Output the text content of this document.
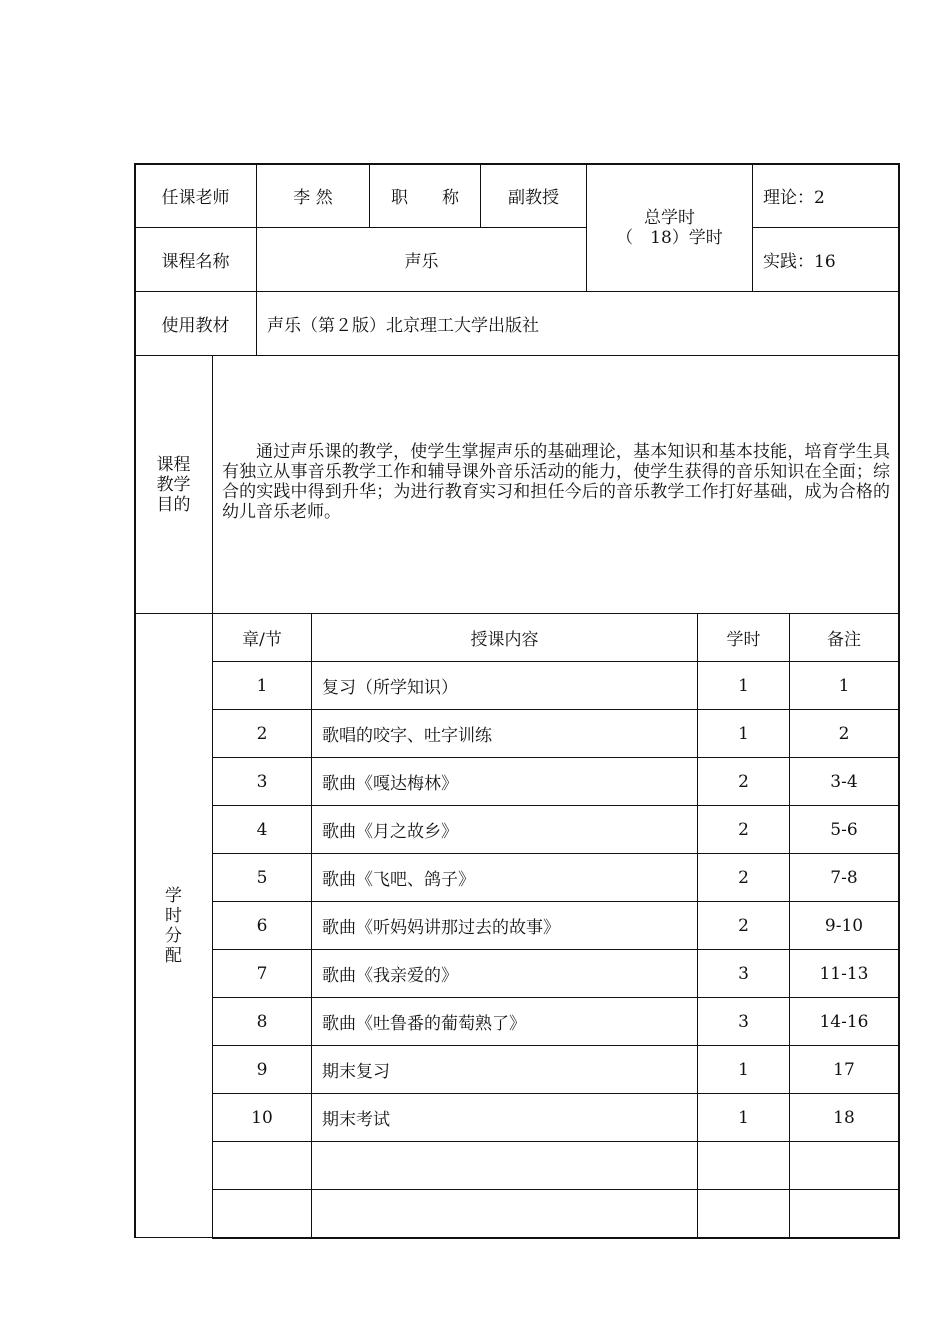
任课老师	李 然	职　　称	副教授
总学时
（　18）学时
理论：2
课程名称	声乐	实践：16
使用教材	声乐（第２版）北京理工大学出版社
课程
教学
目的
通过声乐课的教学，使学生掌握声乐的基础理论，基本知识和基本技能，培育学生具有独立从事音乐教学工作和辅导课外音乐活动的能力，使学生获得的音乐知识在全面；综合的实践中得到升华；为进行教育实习和担任今后的音乐教学工作打好基础，成为合格的幼儿音乐老师。
学
时
分
配
章/节	授课内容	学时	备注
1	复习（所学知识）	1	1
2	歌唱的咬字、吐字训练	1	2
3	歌曲《嘎达梅林》	2	3-4
4	歌曲《月之故乡》	2	5-6
5	歌曲《飞吧、鸽子》	2	7-8
6	歌曲《听妈妈讲那过去的故事》	2	9-10
7	歌曲《我亲爱的》	3	11-13
8	歌曲《吐鲁番的葡萄熟了》	3	14-16
9	期末复习	1	17
10	期末考试	1	18
